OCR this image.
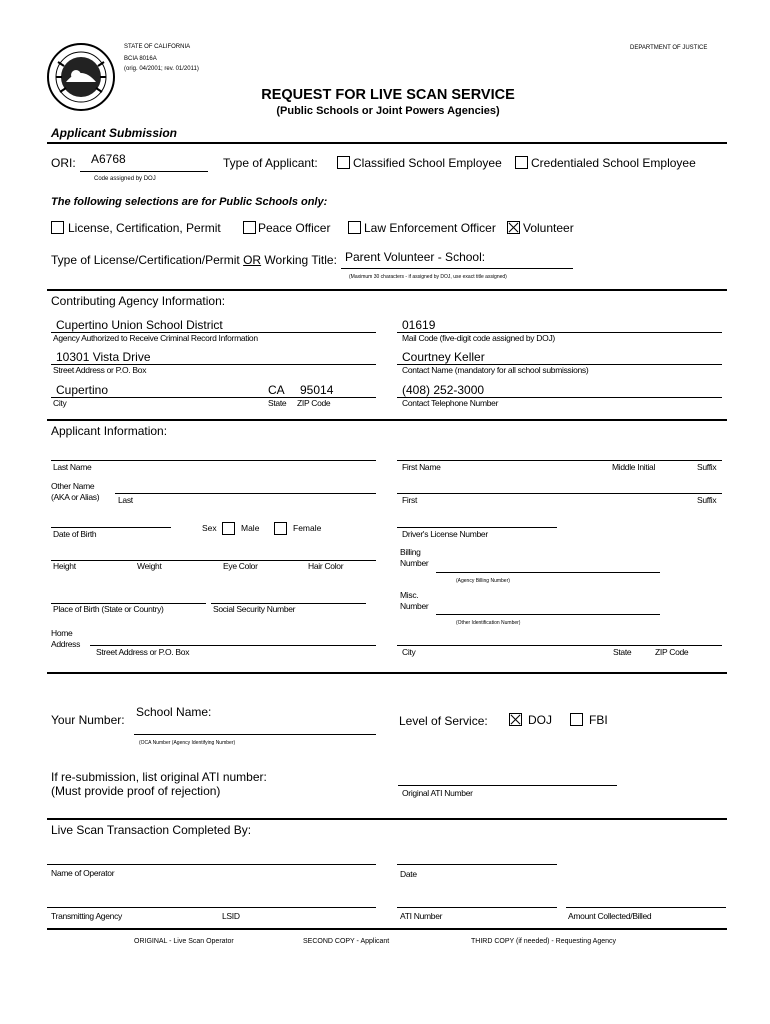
STATE OF CALIFORNIA
BCIA 8016A
(orig. 04/2001; rev. 01/2011)
DEPARTMENT OF JUSTICE
REQUEST FOR LIVE SCAN SERVICE
(Public Schools or Joint Powers Agencies)
Applicant Submission
ORI: A6768
Code assigned by DOJ
Type of Applicant:	Classified School Employee Credentialed School Employee
The following selections are for Public Schools only:
License, Certification, Permit	Peace Officer	Law Enforcement Officer Volunteer
Type of License/Certification/Permit OR Working Title: Parent Volunteer - School:
(Maximum 30 characters - if assigned by DOJ, use exact title assigned)
Contributing Agency Information:
Cupertino Union School District
Agency Authorized to Receive Criminal Record Information
01619
Mail Code (five-digit code assigned by DOJ)
10301 Vista Drive
Street Address or P.O. Box
Courtney Keller
Contact Name (mandatory for all school submissions)
Cupertino	CA 95014
City	State ZIP Code
(408) 252-3000
Contact Telephone Number
Applicant Information:
Last Name	First Name	Middle Initial	Suffix
Other Name
(AKA or Alias) Last	First	Suffix
Date of Birth
Sex	Male	Female
Driver's License Number
Height	Weight	Eye Color	Hair Color
Billing
Number
(Agency Billing Number)
Place of Birth (State or Country)	Social Security Number
Misc.
Number
(Other Identification Number)
Home
Address
Street Address or P.O. Box	City	State	ZIP Code
Your Number:
School Name:
(OCA Number (Agency Identifying Number)
Level of Service:	DOJ	FBI
If re-submission, list original ATI number:
(Must provide proof of rejection)	Original ATI Number
Live Scan Transaction Completed By:
Name of Operator	Date
Transmitting Agency	LSID	ATI Number	Amount Collected/Billed
ORIGINAL - Live Scan Operator	SECOND COPY - Applicant	THIRD COPY (if needed) - Requesting Agency
